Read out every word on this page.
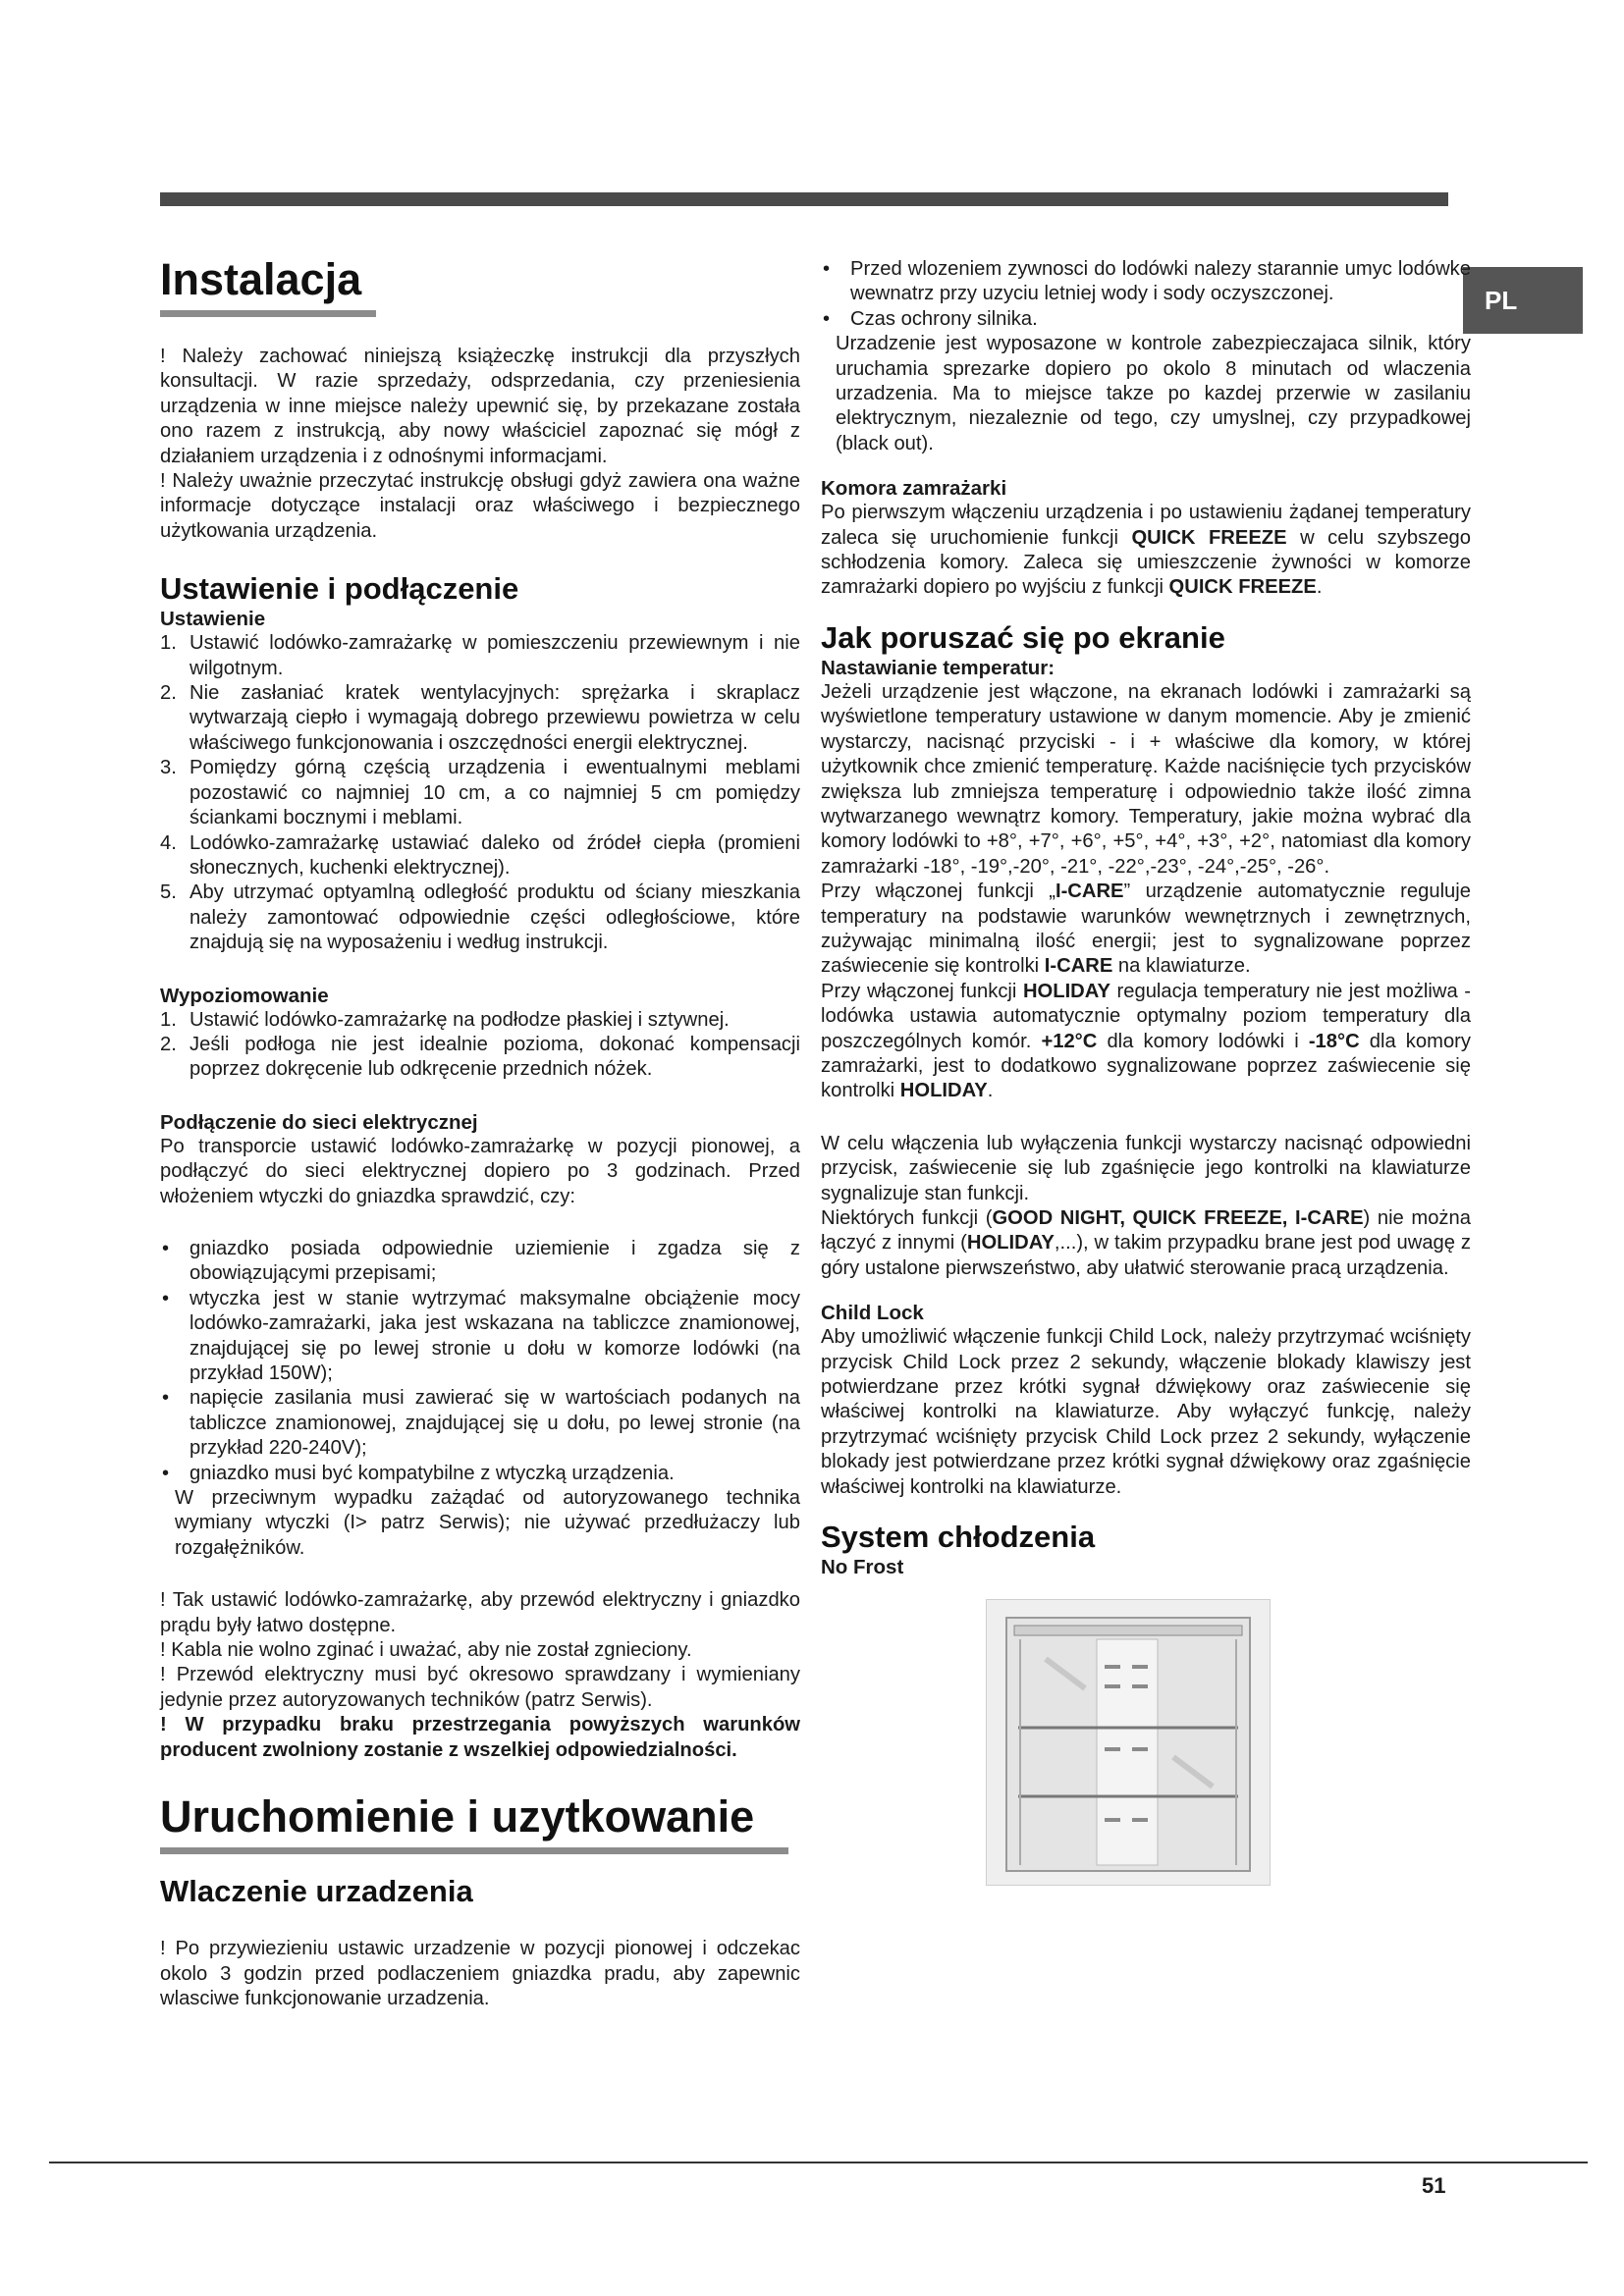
PL
Instalacja

! Należy zachować niniejszą książeczkę instrukcji dla przyszłych konsultacji. W razie sprzedaży, odsprzedania, czy przeniesienia urządzenia w inne miejsce należy upewnić się, by przekazane została ono razem z instrukcją, aby nowy właściciel zapoznać się mógł z działaniem urządzenia i z odnośnymi informacjami.

! Należy uważnie przeczytać instrukcję obsługi gdyż zawiera ona ważne informacje dotyczące instalacji oraz właściwego i bezpiecznego użytkowania urządzenia.

Ustawienie i podłączenie
Ustawienie
1. Ustawić lodówko-zamrażarkę w pomieszczeniu przewiewnym i nie wilgotnym.
2. Nie zasłaniać kratek wentylacyjnych: sprężarka i skraplacz wytwarzają ciepło i wymagają dobrego przewiewu powietrza w celu właściwego funkcjonowania i oszczędności energii elektrycznej.
3. Pomiędzy górną częścią urządzenia i ewentualnymi meblami pozostawić co najmniej 10 cm, a co najmniej 5 cm pomiędzy ściankami bocznymi i meblami.
4. Lodówko-zamrażarkę ustawiać daleko od źródeł ciepła (promieni słonecznych, kuchenki elektrycznej).
5. Aby utrzymać optyamlną odległość produktu od ściany mieszkania należy zamontować odpowiednie części odległościowe, które znajdują się na wyposażeniu i według instrukcji.
Wypoziomowanie
1. Ustawić lodówko-zamrażarkę na podłodze płaskiej i sztywnej.
2. Jeśli podłoga nie jest idealnie pozioma, dokonać kompensacji poprzez dokręcenie lub odkręcenie przednich nóżek.
Podłączenie do sieci elektrycznej

Po transporcie ustawić lodówko-zamrażarkę w pozycji pionowej, a podłączyć do sieci elektrycznej dopiero po 3 godzinach. Przed włożeniem wtyczki do gniazdka sprawdzić, czy:

• gniazdko posiada odpowiednie uziemienie i zgadza się z obowiązującymi przepisami;
• wtyczka jest w stanie wytrzymać maksymalne obciążenie mocy lodówko-zamrażarki, jaka jest wskazana na tabliczce znamionowej, znajdującej się po lewej stronie u dołu w komorze lodówki (na przykład 150W);
• napięcie zasilania musi zawierać się w wartościach podanych na tabliczce znamionowej, znajdującej się u dołu, po lewej stronie (na przykład 220-240V);
• gniazdko musi być kompatybilne z wtyczką urządzenia.

W przeciwnym wypadku zażądać od autoryzowanego technika wymiany wtyczki (I> patrz Serwis); nie używać przedłużaczy lub rozgałężników.

! Tak ustawić lodówko-zamrażarkę, aby przewód elektryczny i gniazdko prądu były łatwo dostępne.

! Kabla nie wolno zginać i uważać, aby nie został zgnieciony.

! Przewód elektryczny musi być okresowo sprawdzany i wymieniany jedynie przez autoryzowanych techników (patrz Serwis).

! W przypadku braku przestrzegania powyższych warunków producent zwolniony zostanie z wszelkiej odpowiedzialności.

Uruchomienie i uzytkowanie
Wlaczenie urzadzenia

! Po przywiezieniu ustawic urzadzenie w pozycji pionowej i odczekac okolo 3 godzin przed podlaczeniem gniazdka pradu, aby zapewnic wlasciwe funkcjonowanie urzadzenia.

• Przed wlozeniem zywnosci do lodówki nalezy starannie umyc lodówke wewnatrz przy uzyciu letniej wody i sody oczyszczonej.
• Czas ochrony silnika.

Urzadzenie jest wyposazone w kontrole zabezpieczajaca silnik, który uruchamia sprezarke dopiero po okolo 8 minutach od wlaczenia urzadzenia. Ma to miejsce takze po kazdej przerwie w zasilaniu elektrycznym, niezaleznie od tego, czy umyslnej, czy przypadkowej (black out).

Komora zamrażarki

Po pierwszym włączeniu urządzenia i po ustawieniu żądanej temperatury zaleca się uruchomienie funkcji QUICK FREEZE w celu szybszego schłodzenia komory. Zaleca się umieszczenie żywności w komorze zamrażarki dopiero po wyjściu z funkcji QUICK FREEZE.

Jak poruszać się po ekranie
Nastawianie temperatur:

Jeżeli urządzenie jest włączone, na ekranach lodówki i zamrażarki są wyświetlone temperatury ustawione w danym momencie. Aby je zmienić wystarczy, nacisnąć przyciski - i + właściwe dla komory, w której użytkownik chce zmienić temperaturę. Każde naciśnięcie tych przycisków zwiększa lub zmniejsza temperaturę i odpowiednio także ilość zimna wytwarzanego wewnątrz komory. Temperatury, jakie można wybrać dla komory lodówki to +8°, +7°, +6°, +5°, +4°, +3°, +2°, natomiast dla komory zamrażarki -18°, -19°,-20°, -21°, -22°,-23°, -24°,-25°, -26°.

Przy włączonej funkcji „I-CARE” urządzenie automatycznie reguluje temperatury na podstawie warunków wewnętrznych i zewnętrznych, zużywając minimalną ilość energii; jest to sygnalizowane poprzez zaświecenie się kontrolki I-CARE na klawiaturze.

Przy włączonej funkcji HOLIDAY regulacja temperatury nie jest możliwa - lodówka ustawia automatycznie optymalny poziom temperatury dla poszczególnych komór. +12°C dla komory lodówki i -18°C dla komory zamrażarki, jest to dodatkowo sygnalizowane poprzez zaświecenie się kontrolki HOLIDAY.

W celu włączenia lub wyłączenia funkcji wystarczy nacisnąć odpowiedni przycisk, zaświecenie się lub zgaśnięcie jego kontrolki na klawiaturze sygnalizuje stan funkcji.

Niektórych funkcji (GOOD NIGHT, QUICK FREEZE, I-CARE) nie można łączyć z innymi (HOLIDAY,...), w takim przypadku brane jest pod uwagę z góry ustalone pierwszeństwo, aby ułatwić sterowanie pracą urządzenia.

Child Lock

Aby umożliwić włączenie funkcji Child Lock, należy przytrzymać wciśnięty przycisk Child Lock przez 2 sekundy, włączenie blokady klawiszy jest potwierdzane przez krótki sygnał dźwiękowy oraz zaświecenie się właściwej kontrolki na klawiaturze. Aby wyłączyć funkcję, należy przytrzymać wciśnięty przycisk Child Lock przez 2 sekundy, wyłączenie blokady jest potwierdzane przez krótki sygnał dźwiękowy oraz zgaśnięcie właściwej kontrolki na klawiaturze.

System chłodzenia
No Frost
51
